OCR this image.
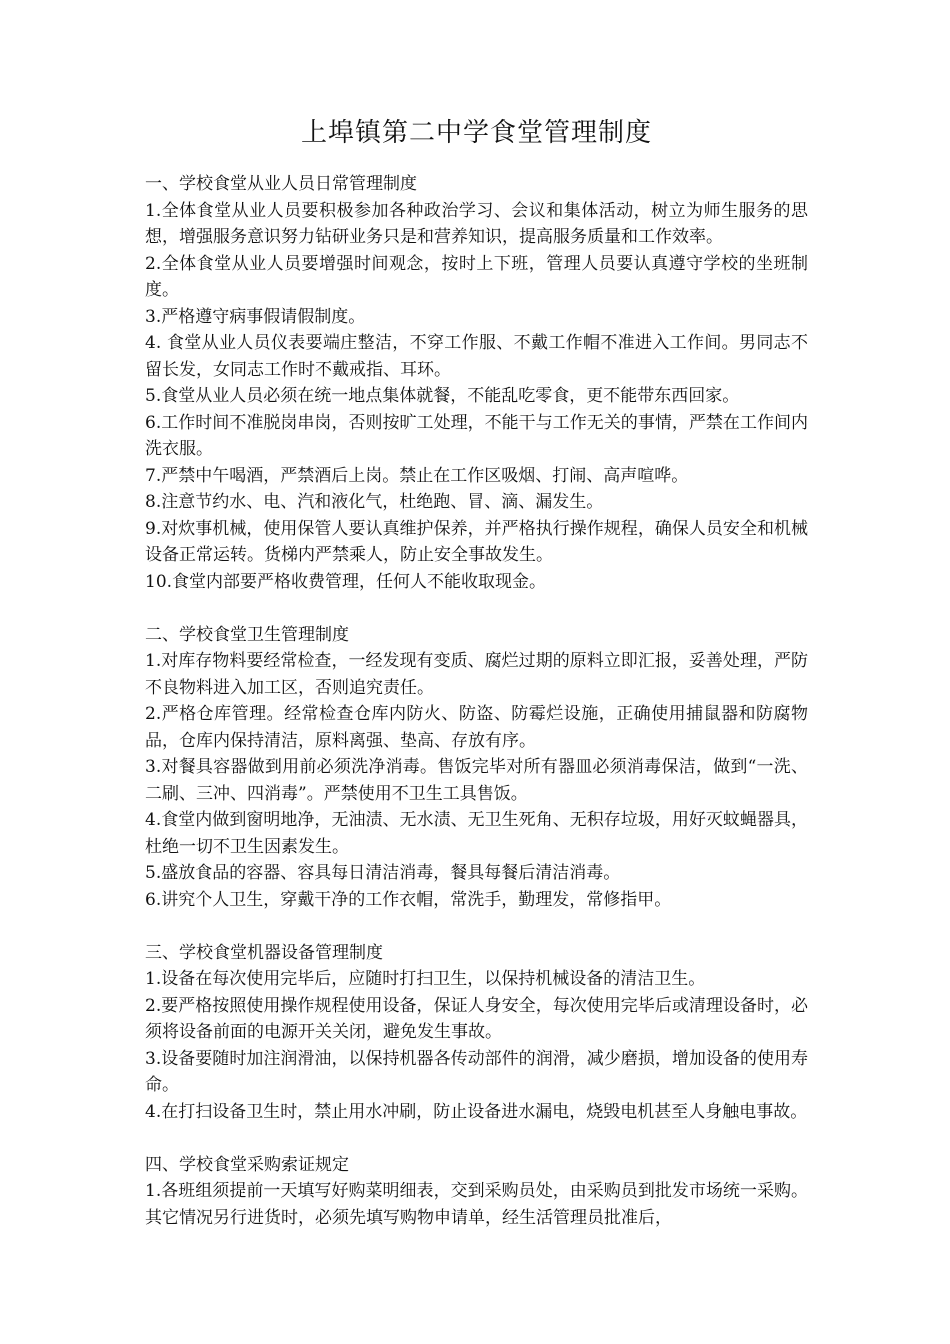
上埠镇第二中学食堂管理制度

一、学校食堂从业人员日常管理制度

1.全体食堂从业人员要积极参加各种政治学习、会议和集体活动，树立为师生服务的思想，增强服务意识努力钻研业务只是和营养知识，提高服务质量和工作效率。

2.全体食堂从业人员要增强时间观念，按时上下班，管理人员要认真遵守学校的坐班制度。

3.严格遵守病事假请假制度。

4. 食堂从业人员仪表要端庄整洁，不穿工作服、不戴工作帽不准进入工作间。男同志不留长发，女同志工作时不戴戒指、耳环。

5.食堂从业人员必须在统一地点集体就餐，不能乱吃零食，更不能带东西回家。

6.工作时间不准脱岗串岗，否则按旷工处理，不能干与工作无关的事情，严禁在工作间内洗衣服。

7.严禁中午喝酒，严禁酒后上岗。禁止在工作区吸烟、打闹、高声喧哗。

8.注意节约水、电、汽和液化气，杜绝跑、冒、滴、漏发生。

9.对炊事机械，使用保管人要认真维护保养，并严格执行操作规程，确保人员安全和机械设备正常运转。货梯内严禁乘人，防止安全事故发生。

10.食堂内部要严格收费管理，任何人不能收取现金。

二、学校食堂卫生管理制度

1.对库存物料要经常检查，一经发现有变质、腐烂过期的原料立即汇报，妥善处理，严防不良物料进入加工区，否则追究责任。

2.严格仓库管理。经常检查仓库内防火、防盗、防霉烂设施，正确使用捕鼠器和防腐物品，仓库内保持清洁，原料离强、垫高、存放有序。

3.对餐具容器做到用前必须洗净消毒。售饭完毕对所有器皿必须消毒保洁，做到“一洗、二刷、三冲、四消毒”。严禁使用不卫生工具售饭。

4.食堂内做到窗明地净，无油渍、无水渍、无卫生死角、无积存垃圾，用好灭蚊蝇器具，杜绝一切不卫生因素发生。

5.盛放食品的容器、容具每日清洁消毒，餐具每餐后清洁消毒。

6.讲究个人卫生，穿戴干净的工作衣帽，常洗手，勤理发，常修指甲。

三、学校食堂机器设备管理制度

1.设备在每次使用完毕后，应随时打扫卫生，以保持机械设备的清洁卫生。

2.要严格按照使用操作规程使用设备，保证人身安全，每次使用完毕后或清理设备时，必须将设备前面的电源开关关闭，避免发生事故。

3.设备要随时加注润滑油，以保持机器各传动部件的润滑，减少磨损，增加设备的使用寿命。

4.在打扫设备卫生时，禁止用水冲刷，防止设备进水漏电，烧毁电机甚至人身触电事故。

四、学校食堂采购索证规定

1.各班组须提前一天填写好购菜明细表，交到采购员处，由采购员到批发市场统一采购。其它情况另行进货时，必须先填写购物申请单，经生活管理员批准后，
